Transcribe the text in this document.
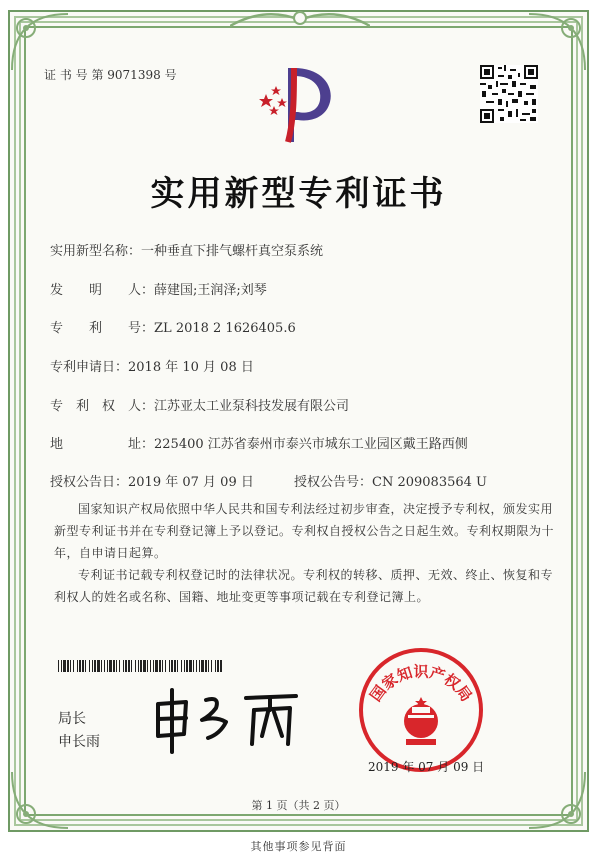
证 书 号 第 9071398 号
实用新型专利证书
实用新型名称：一种垂直下排气螺杆真空泵系统
发　　明　　人：薛建国;王润泽;刘琴
专　　利　　号：ZL 2018 2 1626405.6
专利申请日：2018 年 10 月 08 日
专　利　权　人：江苏亚太工业泵科技发展有限公司
地　　　　　址：225400 江苏省泰州市泰兴市城东工业园区戴王路西侧
授权公告日：2019 年 07 月 09 日	授权公告号：CN 209083564 U
国家知识产权局依照中华人民共和国专利法经过初步审查，决定授予专利权，颁发实用新型专利证书并在专利登记簿上予以登记。专利权自授权公告之日起生效。专利权期限为十年，自申请日起算。
专利证书记载专利权登记时的法律状况。专利权的转移、质押、无效、终止、恢复和专利权人的姓名或名称、国籍、地址变更等事项记载在专利登记簿上。
局长
申长雨
国家知识产权局
2019 年 07 月 09 日
第 1 页（共 2 页）
其他事项参见背面
